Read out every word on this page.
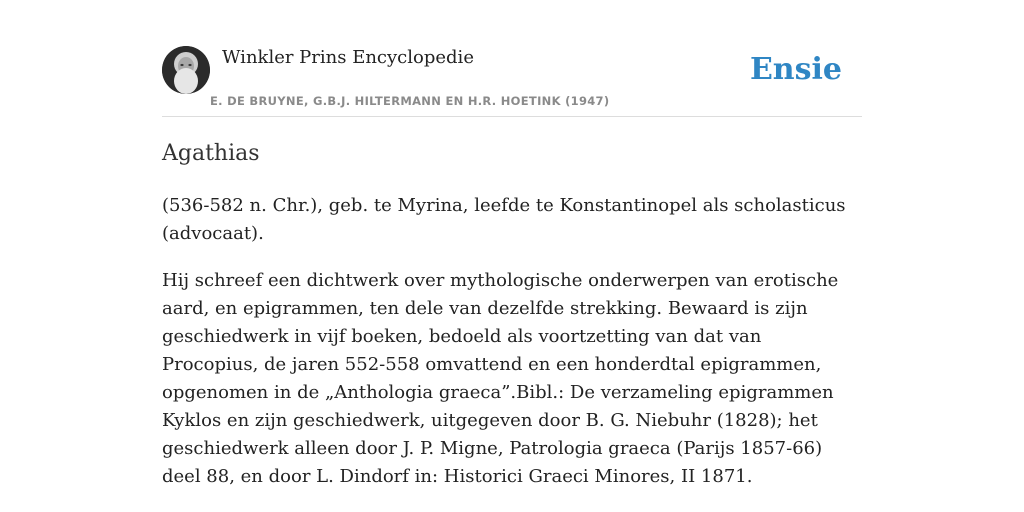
Winkler Prins Encyclopedie
E. DE BRUYNE, G.B.J. HILTERMANN EN H.R. HOETINK (1947)
Ensie
Agathias

(536-582 n. Chr.), geb. te Myrina, leefde te Konstantinopel als scholasticus (advocaat).

Hij schreef een dichtwerk over mythologische onderwerpen van erotische aard, en epigrammen, ten dele van dezelfde strekking. Bewaard is zijn geschiedwerk in vijf boeken, bedoeld als voortzetting van dat van Procopius, de jaren 552-558 omvattend en een honderdtal epigrammen, opgenomen in de „Anthologia graeca”.Bibl.: De verzameling epigrammen Kyklos en zijn geschiedwerk, uitgegeven door B. G. Niebuhr (1828); het geschiedwerk alleen door J. P. Migne, Patrologia graeca (Parijs 1857-66) deel 88, en door L. Dindorf in: Historici Graeci Minores, II 1871.
